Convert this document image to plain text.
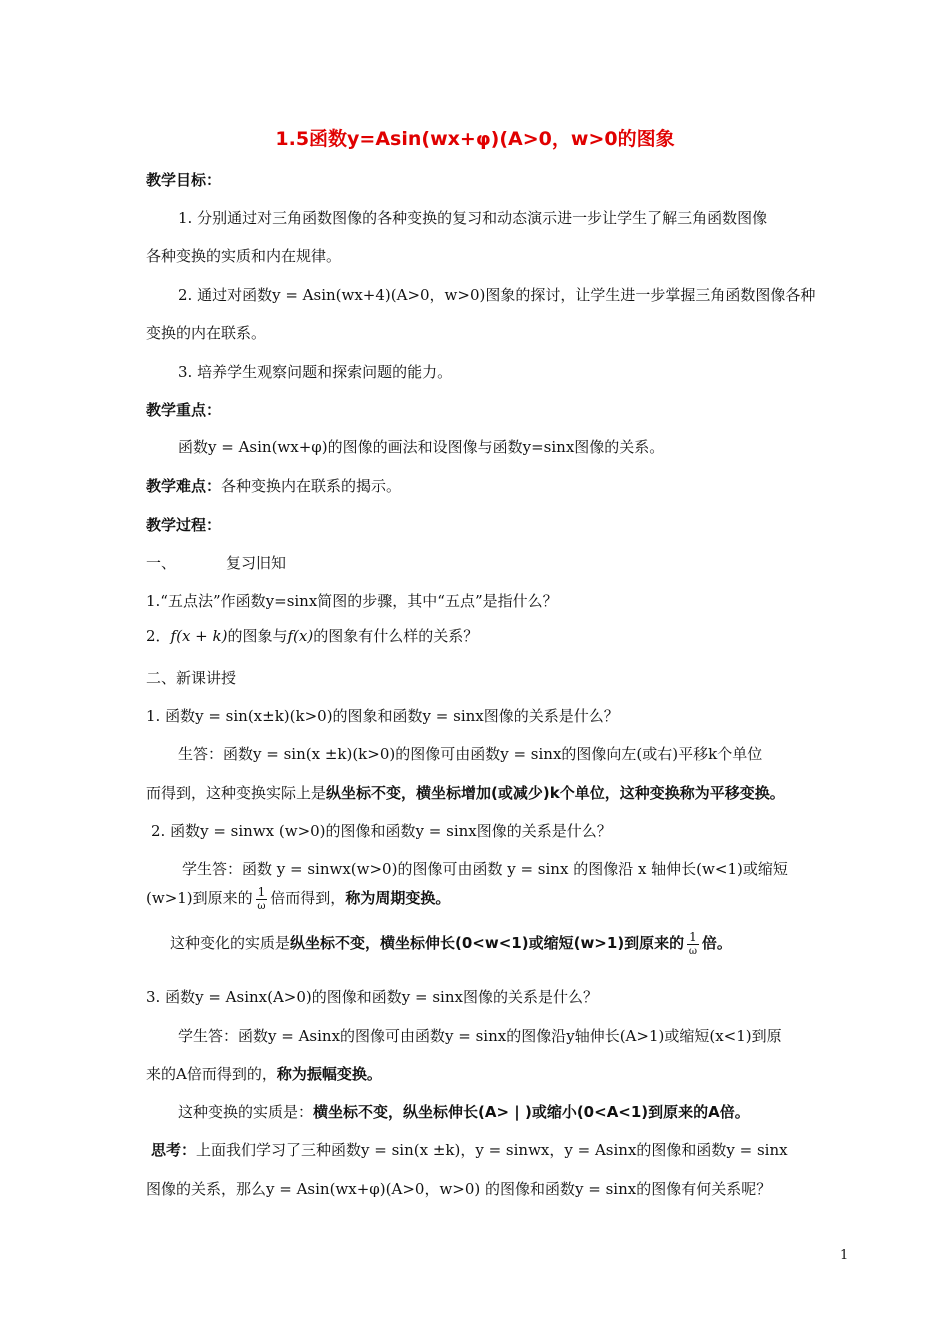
1.5函数y=Asin(wx+φ)(A>0，w>0的图象
教学目标：
1. 分别通过对三角函数图像的各种变换的复习和动态演示进一步让学生了解三角函数图像
各种变换的实质和内在规律。
2. 通过对函数y = Asin(wx+4)(A>0，w>0)图象的探讨，让学生进一步掌握三角函数图像各种
变换的内在联系。
3. 培养学生观察问题和探索问题的能力。
教学重点：
函数y = Asin(wx+φ)的图像的画法和设图像与函数y=sinx图像的关系。
教学难点：各种变换内在联系的揭示。
教学过程：
一、	复习旧知
1.“五点法”作函数y=sinx简图的步骤，其中“五点”是指什么？
2．f(x + k)的图象与f(x)的图象有什么样的关系？
二、新课讲授
1. 函数y = sin(x±k)(k>0)的图象和函数y = sinx图像的关系是什么？
生答：函数y = sin(x ±k)(k>0)的图像可由函数y = sinx的图像向左(或右)平移k个单位
而得到，这种变换实际上是纵坐标不变，横坐标增加(或减少)k个单位，这种变换称为平移变换。
2. 函数y = sinwx (w>0)的图像和函数y = sinx图像的关系是什么？
学生答：函数 y = sinwx(w>0)的图像可由函数 y = sinx 的图像沿 x 轴伸长(w<1)或缩短
(w>1)到原来的 $\frac{1}{\omega}$ 倍而得到，称为周期变换。
这种变化的实质是纵坐标不变，横坐标伸长(0<w<1)或缩短(w>1)到原来的 $\frac{1}{\omega}$ 倍。
3. 函数y = Asinx(A>0)的图像和函数y = sinx图像的关系是什么？
学生答：函数y = Asinx的图像可由函数y = sinx的图像沿y轴伸长(A>1)或缩短(x<1)到原
来的A倍而得到的，称为振幅变换。
这种变换的实质是：横坐标不变，纵坐标伸长(A> | )或缩小(0<A<1)到原来的A倍。
思考：上面我们学习了三种函数y = sin(x ±k)，y = sinwx，y = Asinx的图像和函数y = sinx
图像的关系，那么y = Asin(wx+φ)(A>0，w>0) 的图像和函数y = sinx的图像有何关系呢？
1
